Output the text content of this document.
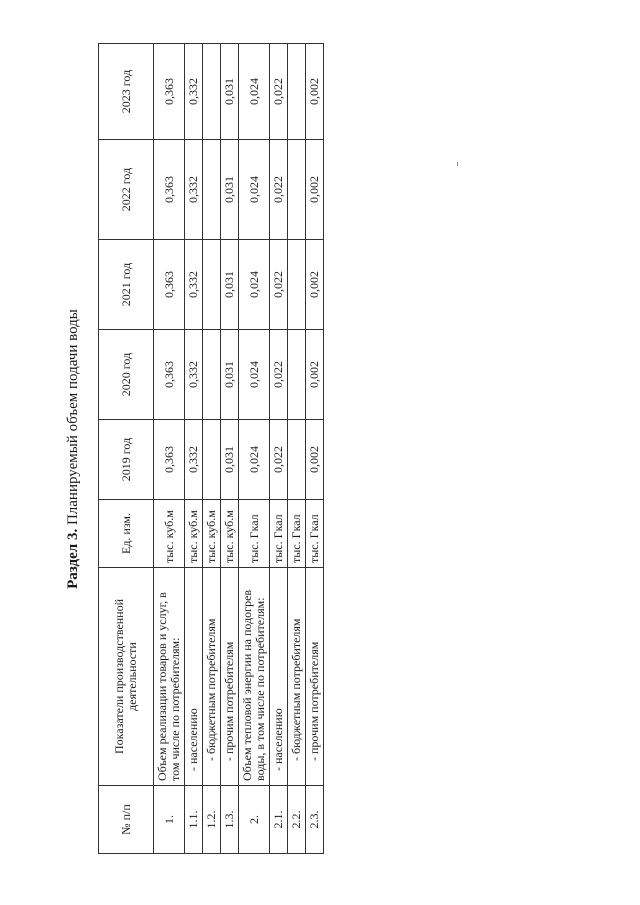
Раздел 3. Планируемый объем подачи воды
№ п/п	Показатели производственной деятельности	Ед. изм.	2019 год	2020 год	2021 год	2022 год	2023 год
1.	Объем реализации товаров и услуг, в том числе по потребителям:	тыс. куб.м	0,363	0,363	0,363	0,363	0,363
1.1.	- населению	тыс. куб.м	0,332	0,332	0,332	0,332	0,332
1.2.	- бюджетным потребителям	тыс. куб.м					
1.3.	- прочим потребителям	тыс. куб.м	0,031	0,031	0,031	0,031	0,031
2.	Объем тепловой энергии на подогрев воды, в том числе по потребителям:	тыс. Гкал	0,024	0,024	0,024	0,024	0,024
2.1.	- населению	тыс. Гкал	0,022	0,022	0,022	0,022	0,022
2.2.	- бюджетным потребителям	тыс. Гкал					
2.3.	- прочим потребителям	тыс. Гкал	0,002	0,002	0,002	0,002	0,002
